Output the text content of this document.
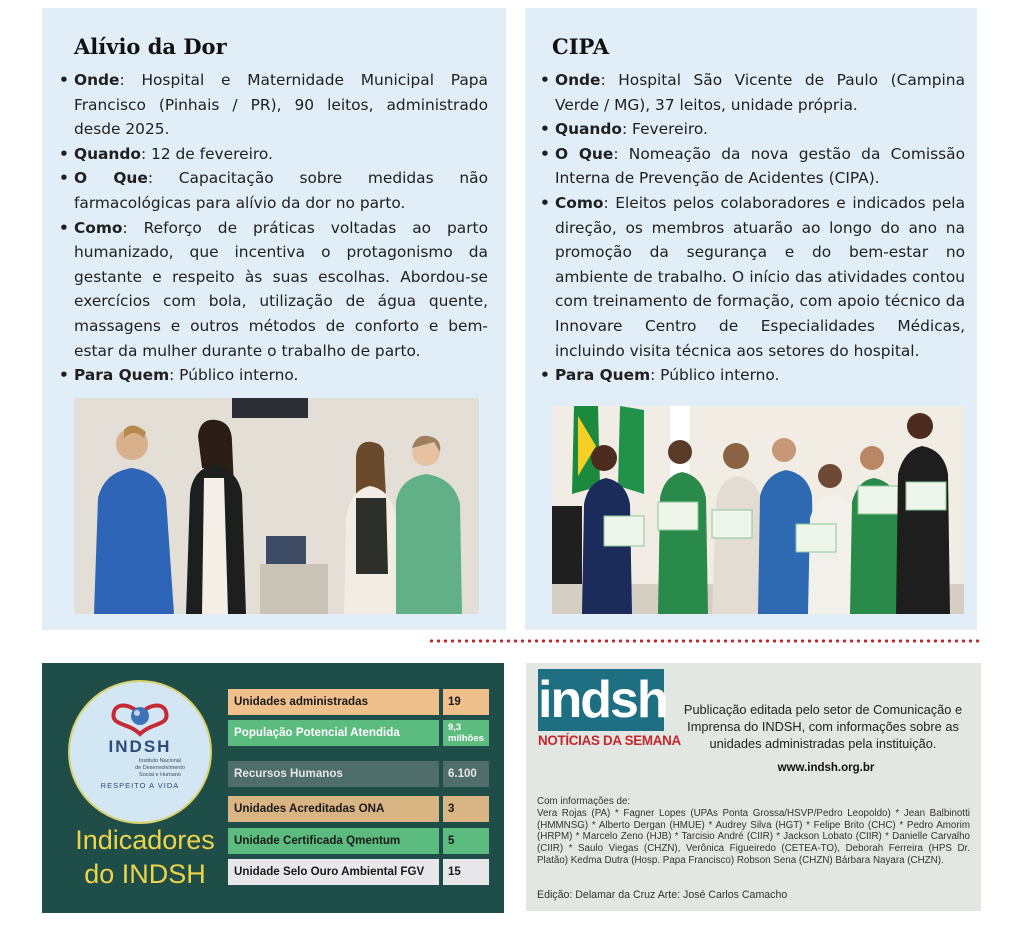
Alívio da Dor
• Onde: Hospital e Maternidade Municipal Papa Francisco (Pinhais / PR), 90 leitos, administrado desde 2025.
• Quando: 12 de fevereiro.
• O Que: Capacitação sobre medidas não farmacológicas para alívio da dor no parto.
• Como: Reforço de práticas voltadas ao parto humanizado, que incentiva o protagonismo da gestante e respeito às suas escolhas. Abordou-se exercícios com bola, utilização de água quente, massagens e outros métodos de conforto e bem-estar da mulher durante o trabalho de parto.
• Para Quem: Público interno.
CIPA
• Onde: Hospital São Vicente de Paulo (Campina Verde / MG), 37 leitos, unidade própria.
• Quando: Fevereiro.
• O Que: Nomeação da nova gestão da Comissão Interna de Prevenção de Acidentes (CIPA).
• Como: Eleitos pelos colaboradores e indicados pela direção, os membros atuarão ao longo do ano na promoção da segurança e do bem-estar no ambiente de trabalho. O início das atividades contou com treinamento de formação, com apoio técnico da Innovare Centro de Especialidades Médicas, incluindo visita técnica aos setores do hospital.
• Para Quem: Público interno.
INDSH
Instituto Nacional
de Desenvolvimento
Social e Humano
RESPEITO A VIDA
Indicadores
do INDSH
Unidades administradas	19
População Potencial Atendida	9,3
milhões
Recursos Humanos	6.100
Unidades Acreditadas ONA	3
Unidade Certificada Qmentum	5
Unidade Selo Ouro Ambiental FGV	15
indsh
NOTÍCIAS DA SEMANA

Publicação editada pelo setor de Comunicação e Imprensa do INDSH, com informações sobre as unidades administradas pela instituição.

www.indsh.org.br

Com informações de:
Vera Rojas (PA) * Fagner Lopes (UPAs Ponta Grossa/HSVP/Pedro Leopoldo) * Jean Balbinotti (HMMNSG) * Alberto Dergan (HMUE) * Audrey Silva (HGT) * Felipe Brito (CHC) * Pedro Amorim (HRPM) * Marcelo Zeno (HJB) * Tarcisio André (CIIR) * Jackson Lobato (CIIR) * Danielle Carvalho (CIIR) * Saulo Viegas (CHZN), Verônica Figueiredo (CETEA-TO), Deborah Ferreira (HPS Dr. Platão) Kedma Dutra (Hosp. Papa Francisco) Robson Sena (CHZN) Bárbara Nayara (CHZN).
Edição: Delamar da Cruz Arte: José Carlos Camacho
